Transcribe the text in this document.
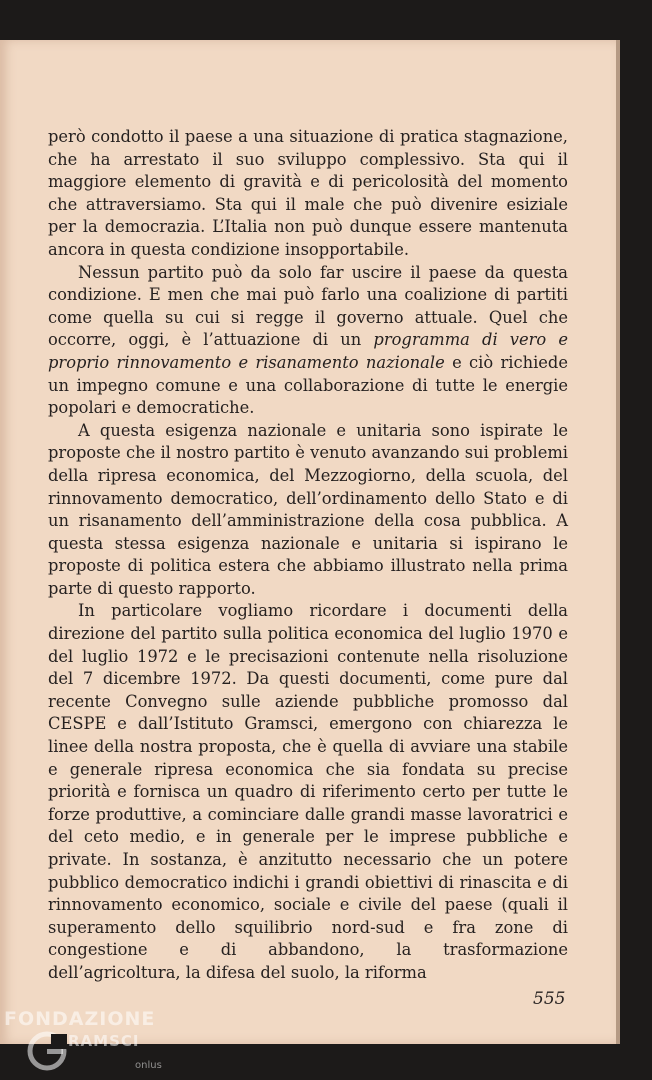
però condotto il paese a una situazione di pratica stagnazione, che ha arrestato il suo sviluppo complessivo. Sta qui il maggiore elemento di gravità e di pericolosità del momento che attraversiamo. Sta qui il male che può divenire esiziale per la democrazia. L’Italia non può dunque essere mantenuta ancora in questa condizione insopportabile.

Nessun partito può da solo far uscire il paese da questa condizione. E men che mai può farlo una coalizione di partiti come quella su cui si regge il governo attuale. Quel che occorre, oggi, è l’attuazione di un programma di vero e proprio rinnovamento e risanamento nazionale e ciò richiede un impegno comune e una collaborazione di tutte le energie popolari e democratiche.

A questa esigenza nazionale e unitaria sono ispirate le proposte che il nostro partito è venuto avanzando sui problemi della ripresa economica, del Mezzogiorno, della scuola, del rinnovamento democratico, dell’ordinamento dello Stato e di un risanamento dell’amministrazione della cosa pubblica. A questa stessa esigenza nazionale e unitaria si ispirano le proposte di politica estera che abbiamo illustrato nella prima parte di questo rapporto.

In particolare vogliamo ricordare i documenti della direzione del partito sulla politica economica del luglio 1970 e del luglio 1972 e le precisazioni contenute nella risoluzione del 7 dicembre 1972. Da questi documenti, come pure dal recente Convegno sulle aziende pubbliche promosso dal CESPE e dall’Istituto Gramsci, emergono con chiarezza le linee della nostra proposta, che è quella di avviare una stabile e generale ripresa economica che sia fondata su precise priorità e fornisca un quadro di riferimento certo per tutte le forze produttive, a cominciare dalle grandi masse lavoratrici e del ceto medio, e in generale per le imprese pubbliche e private. In sostanza, è anzitutto necessario che un potere pubblico democratico indichi i grandi obiettivi di rinascita e di rinnovamento economico, sociale e civile del paese (quali il superamento dello squilibrio nord-sud e fra zone di congestione e di abbandono, la trasformazione dell’agricoltura, la difesa del suolo, la riforma

555
FONDAZIONE
RAMSCI
onlus
